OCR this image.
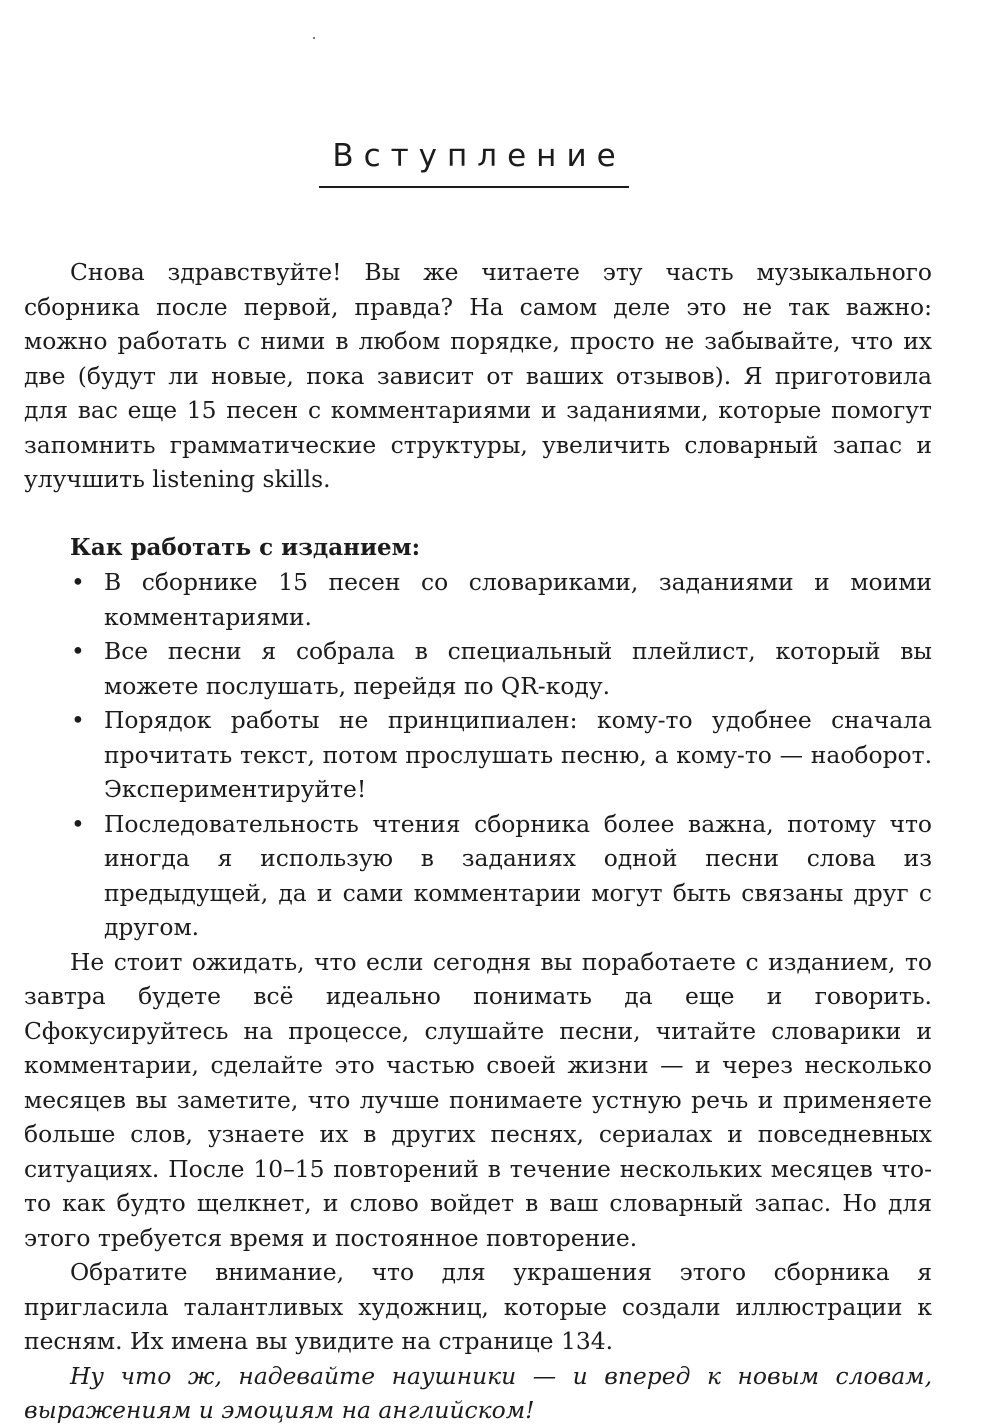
Вступление

Снова здравствуйте! Вы же читаете эту часть музыкального сборника после первой, правда? На самом деле это не так важно: можно работать с ними в любом порядке, просто не забывайте, что их две (будут ли новые, пока зависит от ваших отзывов). Я приготовила для вас еще 15 песен с комментариями и заданиями, которые помогут запомнить грамматические структуры, увеличить словарный запас и улучшить listening skills.

Как работать с изданием:

• В сборнике 15 песен со словариками, заданиями и моими комментариями.
• Все песни я собрала в специальный плейлист, который вы можете послушать, перейдя по QR-коду.
• Порядок работы не принципиален: кому-то удобнее сначала прочитать текст, потом прослушать песню, а кому-то — наоборот. Экспериментируйте!
• Последовательность чтения сборника более важна, потому что иногда я использую в заданиях одной песни слова из предыдущей, да и сами комментарии могут быть связаны друг с другом.

Не стоит ожидать, что если сегодня вы поработаете с изданием, то завтра будете всё идеально понимать да еще и говорить. Сфокусируйтесь на процессе, слушайте песни, читайте словарики и комментарии, сделайте это частью своей жизни — и через несколько месяцев вы заметите, что лучше понимаете устную речь и применяете больше слов, узнаете их в других песнях, сериалах и повседневных ситуациях. После 10–15 повторений в течение нескольких месяцев что-то как будто щелкнет, и слово войдет в ваш словарный запас. Но для этого требуется время и постоянное повторение.

Обратите внимание, что для украшения этого сборника я пригласила талантливых художниц, которые создали иллюстрации к песням. Их имена вы увидите на странице 134.

Ну что ж, надевайте наушники — и вперед к новым словам, выражениям и эмоциям на английском!
